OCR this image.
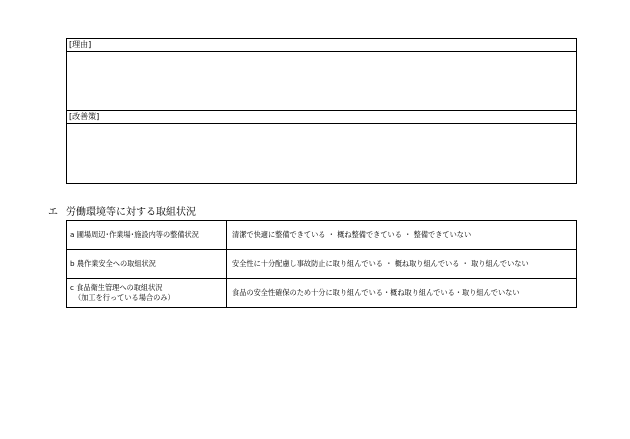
[理由]
[改善策]
エ 労働環境等に対する取組状況
a 圃場周辺･作業場･施設内等の整備状況	清潔で快適に整備できている ・ 概ね整備できている ・ 整備できていない
b 農作業安全への取組状況	安全性に十分配慮し事故防止に取り組んでいる ・ 概ね取り組んでいる ・ 取り組んでいない
c 食品衛生管理への取組状況
（加工を行っている場合のみ）	食品の安全性確保のため十分に取り組んでいる・概ね取り組んでいる・取り組んでいない
